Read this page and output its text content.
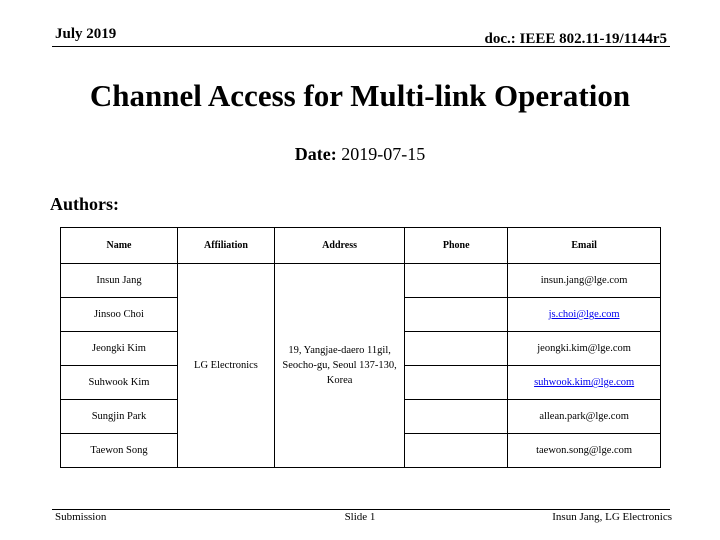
July 2019	doc.: IEEE 802.11-19/1144r5
Channel Access for Multi-link Operation
Date: 2019-07-15
Authors:
Name	Affiliation	Address	Phone	Email
Insun Jang	LG Electronics	19, Yangjae-daero 11gil, Seocho-gu, Seoul 137-130, Korea		insun.jang@lge.com
Jinsoo Choi				js.choi@lge.com
Jeongki Kim				jeongki.kim@lge.com
Suhwook Kim				suhwook.kim@lge.com
Sungjin Park				allean.park@lge.com
Taewon Song				taewon.song@lge.com
Submission	Slide 1	Insun Jang, LG Electronics
